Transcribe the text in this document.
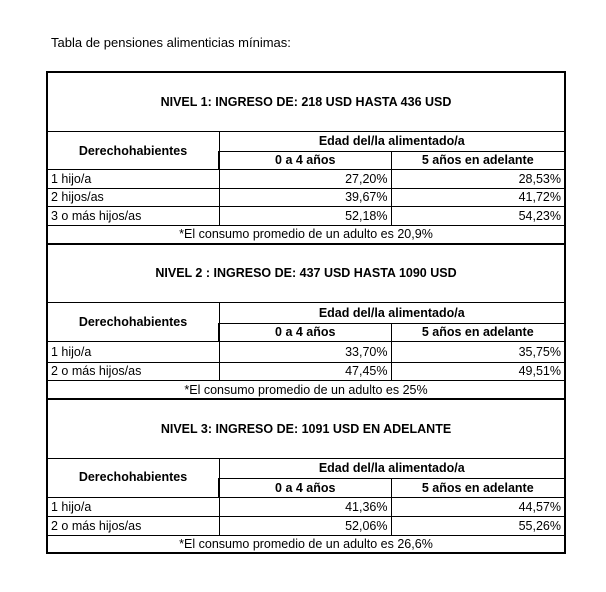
Tabla de pensiones alimenticias mínimas:
NIVEL 1: INGRESO DE: 218 USD HASTA 436 USD		
Derechohabientes	Edad del/la alimentado/a	
	0 a 4 años	5 años en adelante
1 hijo/a	27,20%	28,53%
2 hijos/as	39,67%	41,72%
3 o más hijos/as	52,18%	54,23%
*El consumo promedio de un adulto es 20,9%		
NIVEL 2 : INGRESO DE: 437 USD HASTA 1090 USD		
Derechohabientes	Edad del/la alimentado/a	
	0 a 4 años	5 años en adelante
1 hijo/a	33,70%	35,75%
2 o más hijos/as	47,45%	49,51%
*El consumo promedio de un adulto es 25%		
NIVEL 3: INGRESO DE: 1091 USD EN ADELANTE		
Derechohabientes	Edad del/la alimentado/a	
	0 a 4 años	5 años en adelante
1 hijo/a	41,36%	44,57%
2 o más hijos/as	52,06%	55,26%
*El consumo promedio de un adulto es 26,6%		
